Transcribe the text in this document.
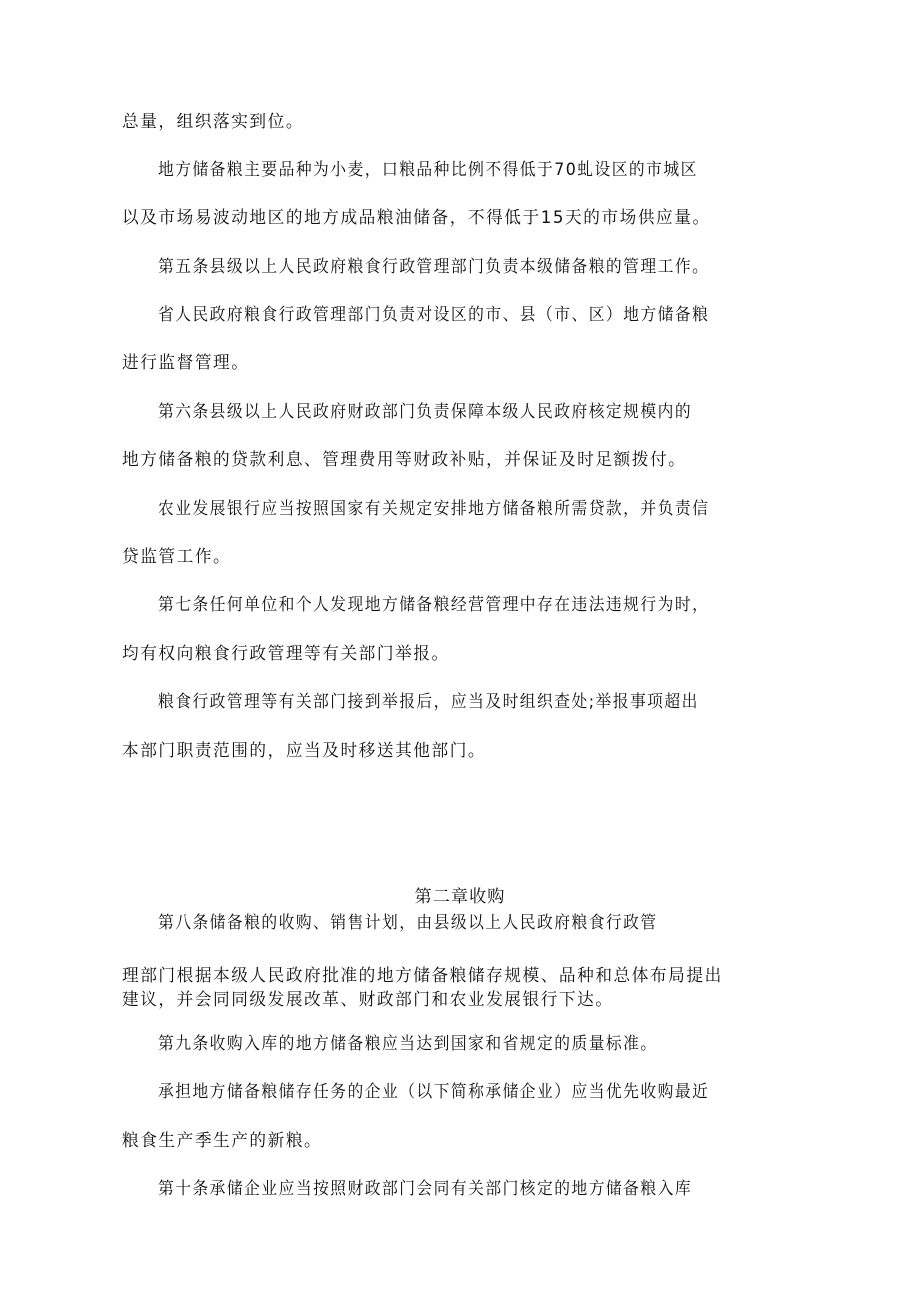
总量，组织落实到位。
地方储备粮主要品种为小麦，口粮品种比例不得低于70虬设区的市城区
以及市场易波动地区的地方成品粮油储备，不得低于15天的市场供应量。
第五条县级以上人民政府粮食行政管理部门负责本级储备粮的管理工作。
省人民政府粮食行政管理部门负责对设区的市、县（市、区）地方储备粮
进行监督管理。
第六条县级以上人民政府财政部门负责保障本级人民政府核定规模内的
地方储备粮的贷款利息、管理费用等财政补贴，并保证及时足额拨付。
农业发展银行应当按照国家有关规定安排地方储备粮所需贷款，并负责信
贷监管工作。
第七条任何单位和个人发现地方储备粮经营管理中存在违法违规行为时，
均有权向粮食行政管理等有关部门举报。
粮食行政管理等有关部门接到举报后，应当及时组织查处;举报事项超出
本部门职责范围的，应当及时移送其他部门。
第二章收购
第八条储备粮的收购、销售计划，由县级以上人民政府粮食行政管
理部门根据本级人民政府批准的地方储备粮储存规模、品种和总体布局提出
建议，并会同同级发展改革、财政部门和农业发展银行下达。
第九条收购入库的地方储备粮应当达到国家和省规定的质量标准。
承担地方储备粮储存任务的企业（以下简称承储企业）应当优先收购最近
粮食生产季生产的新粮。
第十条承储企业应当按照财政部门会同有关部门核定的地方储备粮入库
